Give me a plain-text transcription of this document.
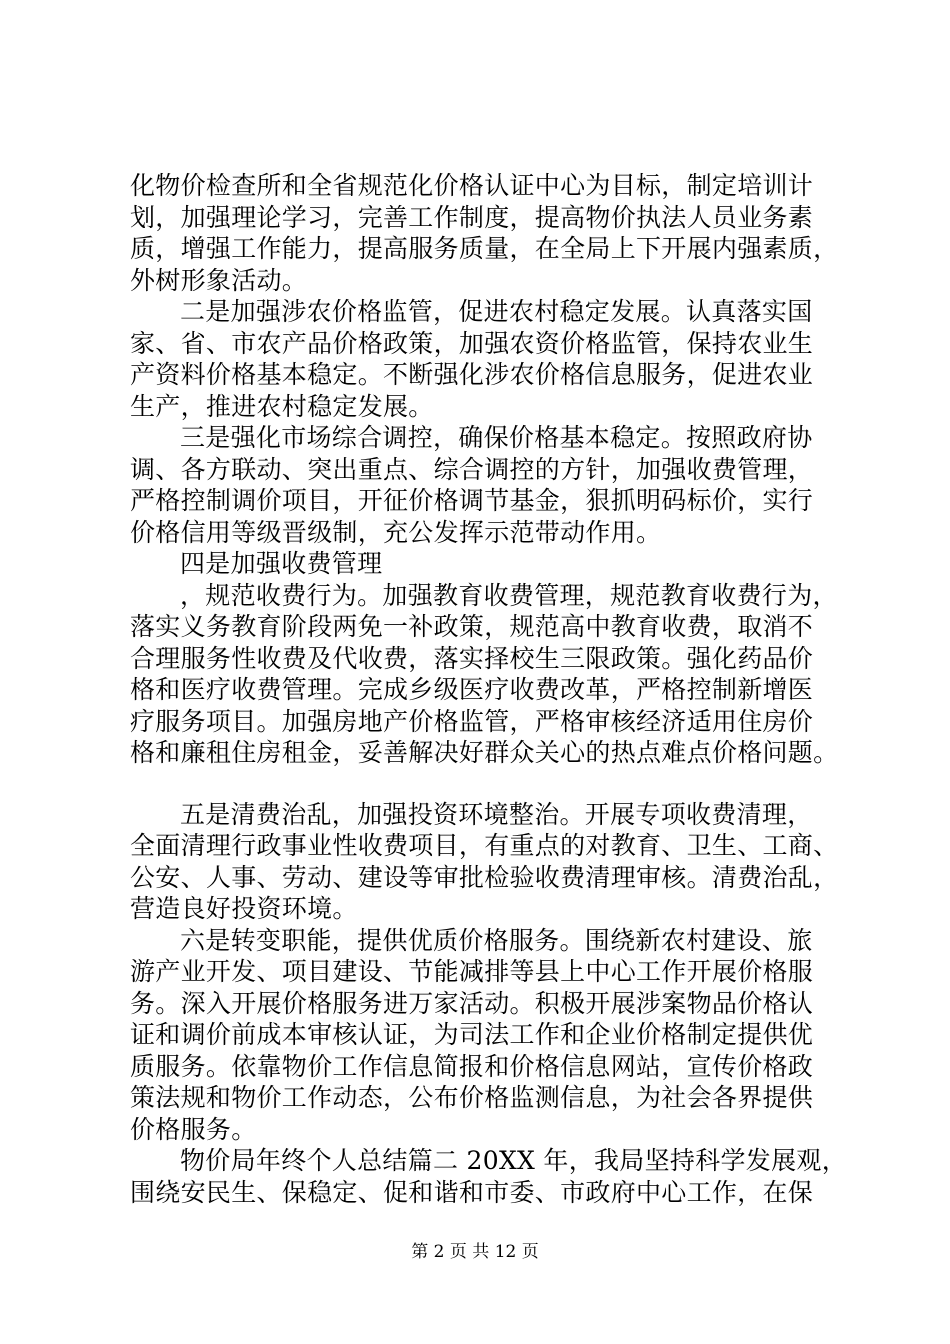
化物价检查所和全省规范化价格认证中心为目标，制定培训计
划，加强理论学习，完善工作制度，提高物价执法人员业务素
质，增强工作能力，提高服务质量，在全局上下开展内强素质，
外树形象活动。
二是加强涉农价格监管，促进农村稳定发展。认真落实国
家、省、市农产品价格政策，加强农资价格监管，保持农业生
产资料价格基本稳定。不断强化涉农价格信息服务，促进农业
生产，推进农村稳定发展。
三是强化市场综合调控，确保价格基本稳定。按照政府协
调、各方联动、突出重点、综合调控的方针，加强收费管理，
严格控制调价项目，开征价格调节基金，狠抓明码标价，实行
价格信用等级晋级制，充公发挥示范带动作用。
四是加强收费管理
，规范收费行为。加强教育收费管理，规范教育收费行为，
落实义务教育阶段两免一补政策，规范高中教育收费，取消不
合理服务性收费及代收费，落实择校生三限政策。强化药品价
格和医疗收费管理。完成乡级医疗收费改革，严格控制新增医
疗服务项目。加强房地产价格监管，严格审核经济适用住房价
格和廉租住房租金，妥善解决好群众关心的热点难点价格问题。
五是清费治乱，加强投资环境整治。开展专项收费清理，
全面清理行政事业性收费项目，有重点的对教育、卫生、工商、
公安、人事、劳动、建设等审批检验收费清理审核。清费治乱，
营造良好投资环境。
六是转变职能，提供优质价格服务。围绕新农村建设、旅
游产业开发、项目建设、节能减排等县上中心工作开展价格服
务。深入开展价格服务进万家活动。积极开展涉案物品价格认
证和调价前成本审核认证，为司法工作和企业价格制定提供优
质服务。依靠物价工作信息简报和价格信息网站，宣传价格政
策法规和物价工作动态，公布价格监测信息，为社会各界提供
价格服务。
物价局年终个人总结篇二 20XX 年，我局坚持科学发展观，
围绕安民生、保稳定、促和谐和市委、市政府中心工作，在保
第 2 页 共 12 页
